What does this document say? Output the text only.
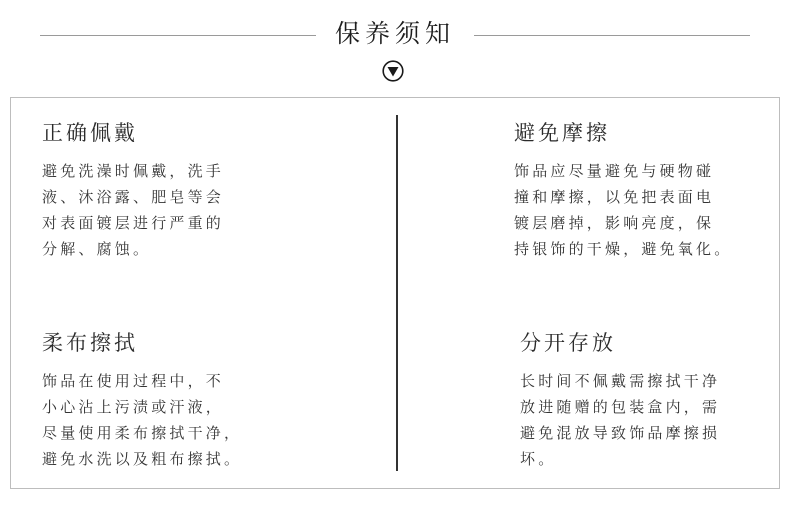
保养须知
正确佩戴
避免洗澡时佩戴，洗手
液、沐浴露、肥皂等会
对表面镀层进行严重的
分解、腐蚀。
避免摩擦
饰品应尽量避免与硬物碰
撞和摩擦，以免把表面电
镀层磨掉，影响亮度，保
持银饰的干燥，避免氧化。
柔布擦拭
饰品在使用过程中，不
小心沾上污渍或汗液，
尽量使用柔布擦拭干净，
避免水洗以及粗布擦拭。
分开存放
长时间不佩戴需擦拭干净
放进随赠的包装盒内，需
避免混放导致饰品摩擦损
坏。
